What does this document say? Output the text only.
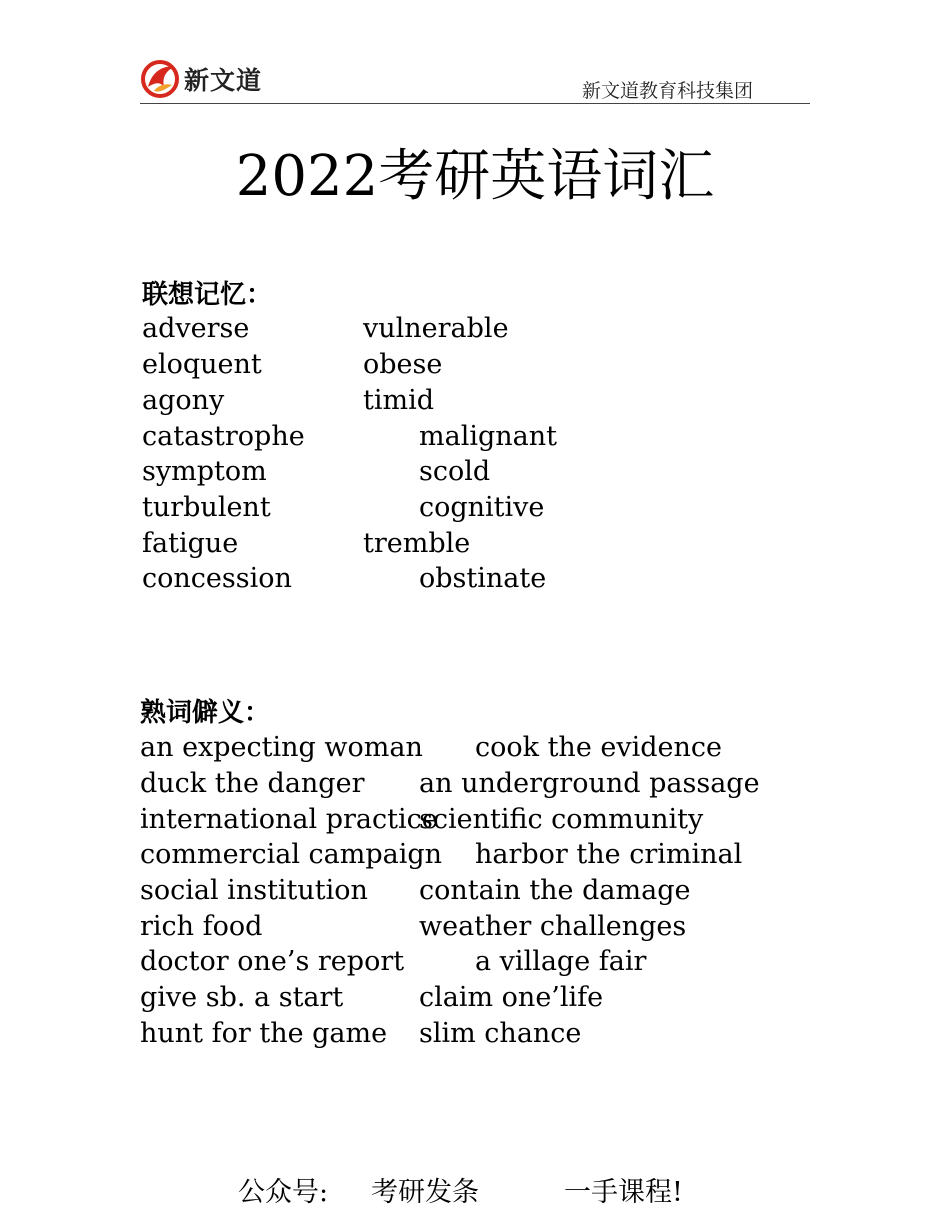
新文道	新文道教育科技集团
2022考研英语词汇
联想记忆：
adverse
eloquent
agony
catastrophe
symptom
turbulent
fatigue
concession
vulnerable
obese
timid
malignant
scold
cognitive
tremble
obstinate
熟词僻义：
an expecting woman
duck the danger
international practice
commercial campaign
social institution
rich food
doctor one’s report
give sb. a start
hunt for the game
cook the evidence
an underground passage
scientific community
harbor the criminal
contain the damage
weather challenges
a village fair
claim one’life
slim chance
公众号: 考研发条	一手课程!
